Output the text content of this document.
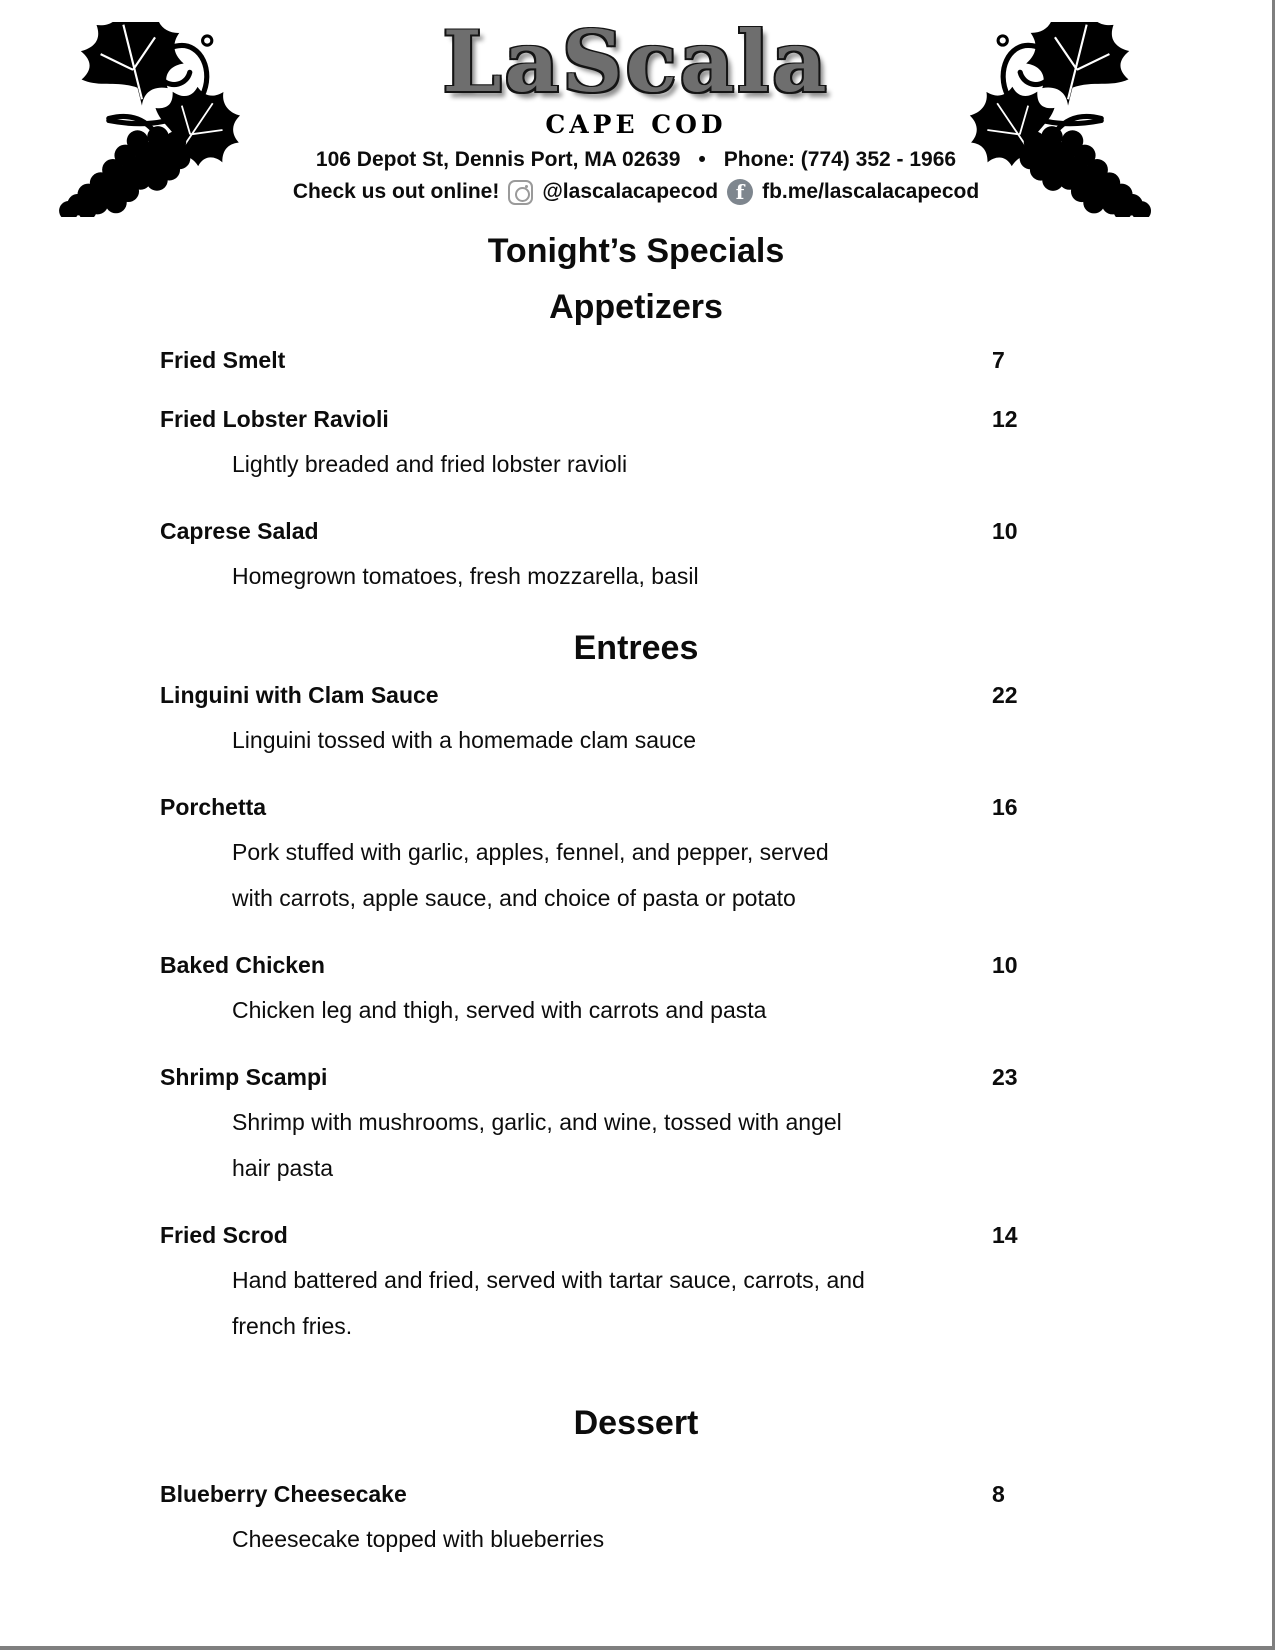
LaScala
CAPE COD
106 Depot St, Dennis Port, MA 02639 • Phone: (774) 352 - 1966
Check us out online! @lascalacapecod f fb.me/lascalacapecod
Tonight’s Specials
Appetizers
Fried Smelt	7
Fried Lobster Ravioli	12
Lightly breaded and fried lobster ravioli
Caprese Salad	10
Homegrown tomatoes, fresh mozzarella, basil
Entrees
Linguini with Clam Sauce	22
Linguini tossed with a homemade clam sauce
Porchetta	16
Pork stuffed with garlic, apples, fennel, and pepper, served
with carrots, apple sauce, and choice of pasta or potato
Baked Chicken	10
Chicken leg and thigh, served with carrots and pasta
Shrimp Scampi	23
Shrimp with mushrooms, garlic, and wine, tossed with angel
hair pasta
Fried Scrod	14
Hand battered and fried, served with tartar sauce, carrots, and
french fries.
Dessert
Blueberry Cheesecake	8
Cheesecake topped with blueberries
